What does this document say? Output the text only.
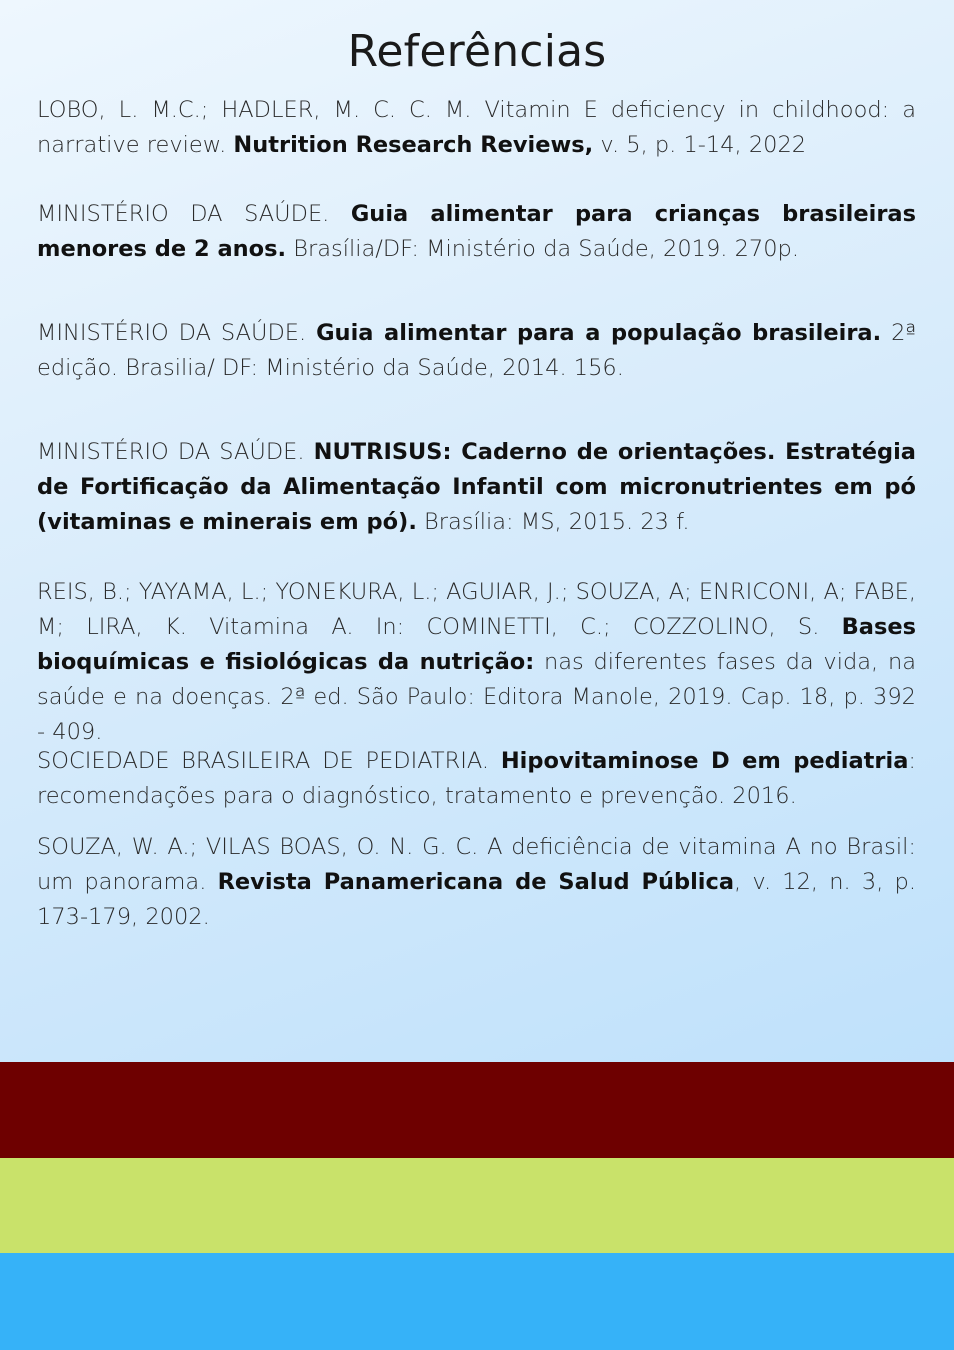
Referências

LOBO, L. M.C.; HADLER, M. C. C. M. Vitamin E deficiency in childhood: a narrative review. Nutrition Research Reviews, v. 5, p. 1-14, 2022

MINISTÉRIO DA SAÚDE. Guia alimentar para crianças brasileiras menores de 2 anos. Brasília/DF: Ministério da Saúde, 2019. 270p.

MINISTÉRIO DA SAÚDE. Guia alimentar para a população brasileira. 2ª edição. Brasilia/ DF: Ministério da Saúde, 2014. 156.

MINISTÉRIO DA SAÚDE. NUTRISUS: Caderno de orientações. Estratégia de Fortificação da Alimentação Infantil com micronutrientes em pó (vitaminas e minerais em pó). Brasília: MS, 2015. 23 f.

REIS, B.; YAYAMA, L.; YONEKURA, L.; AGUIAR, J.; SOUZA, A; ENRICONI, A; FABE, M; LIRA, K. Vitamina A. In: COMINETTI, C.; COZZOLINO, S. Bases bioquímicas e fisiológicas da nutrição: nas diferentes fases da vida, na saúde e na doenças. 2ª ed. São Paulo: Editora Manole, 2019. Cap. 18, p. 392 - 409.

SOCIEDADE BRASILEIRA DE PEDIATRIA. Hipovitaminose D em pediatria: recomendações para o diagnóstico, tratamento e prevenção. 2016.

SOUZA, W. A.; VILAS BOAS, O. N. G. C. A deficiência de vitamina A no Brasil: um panorama. Revista Panamericana de Salud Pública, v. 12, n. 3, p. 173-179, 2002.
